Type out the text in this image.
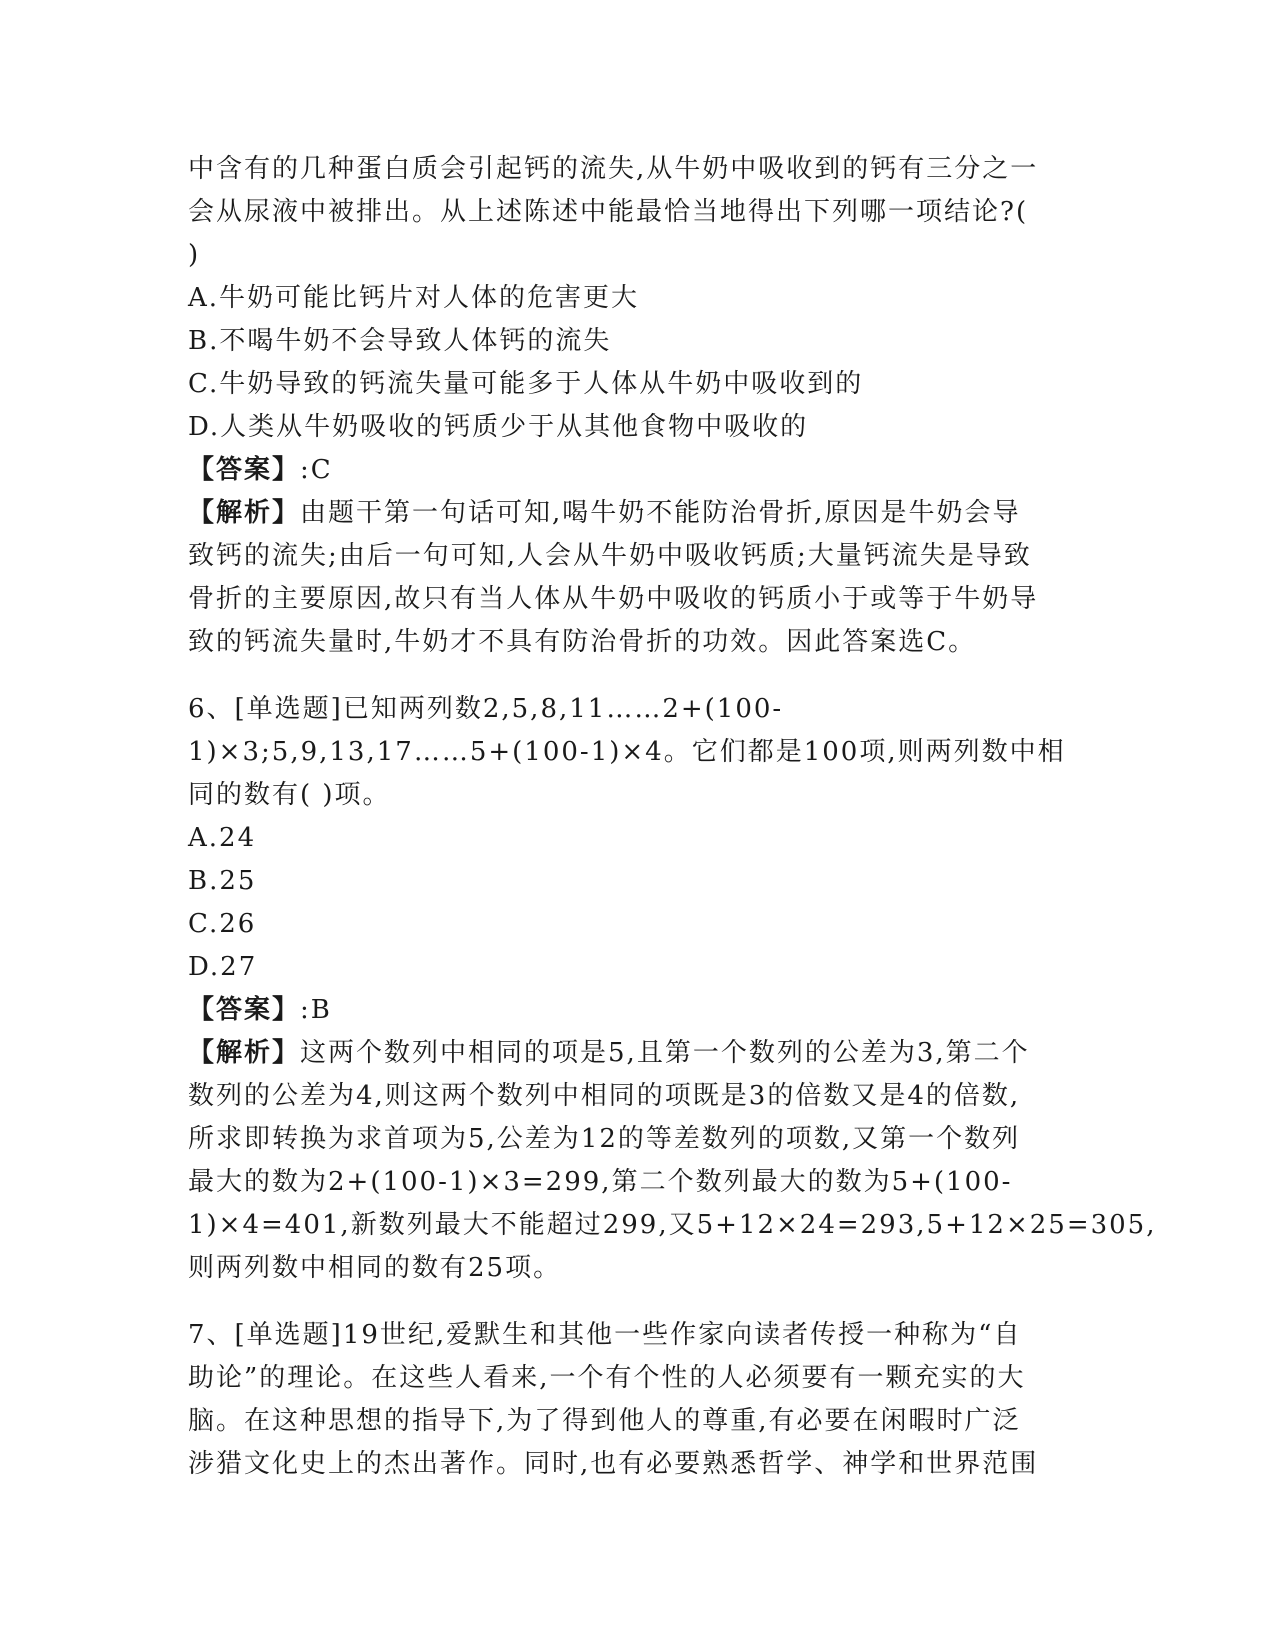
中含有的几种蛋白质会引起钙的流失,从牛奶中吸收到的钙有三分之一
会从尿液中被排出。从上述陈述中能最恰当地得出下列哪一项结论?(
)
A.牛奶可能比钙片对人体的危害更大
B.不喝牛奶不会导致人体钙的流失
C.牛奶导致的钙流失量可能多于人体从牛奶中吸收到的
D.人类从牛奶吸收的钙质少于从其他食物中吸收的
【答案】:C
【解析】由题干第一句话可知,喝牛奶不能防治骨折,原因是牛奶会导
致钙的流失;由后一句可知,人会从牛奶中吸收钙质;大量钙流失是导致
骨折的主要原因,故只有当人体从牛奶中吸收的钙质小于或等于牛奶导
致的钙流失量时,牛奶才不具有防治骨折的功效。因此答案选C。
6、[单选题]已知两列数2,5,8,11……2+(100-
1)×3;5,9,13,17……5+(100-1)×4。它们都是100项,则两列数中相
同的数有( )项。
A.24
B.25
C.26
D.27
【答案】:B
【解析】这两个数列中相同的项是5,且第一个数列的公差为3,第二个
数列的公差为4,则这两个数列中相同的项既是3的倍数又是4的倍数,
所求即转换为求首项为5,公差为12的等差数列的项数,又第一个数列
最大的数为2+(100-1)×3=299,第二个数列最大的数为5+(100-
1)×4=401,新数列最大不能超过299,又5+12×24=293,5+12×25=305,
则两列数中相同的数有25项。
7、[单选题]19世纪,爱默生和其他一些作家向读者传授一种称为“自
助论”的理论。在这些人看来,一个有个性的人必须要有一颗充实的大
脑。在这种思想的指导下,为了得到他人的尊重,有必要在闲暇时广泛
涉猎文化史上的杰出著作。同时,也有必要熟悉哲学、神学和世界范围
